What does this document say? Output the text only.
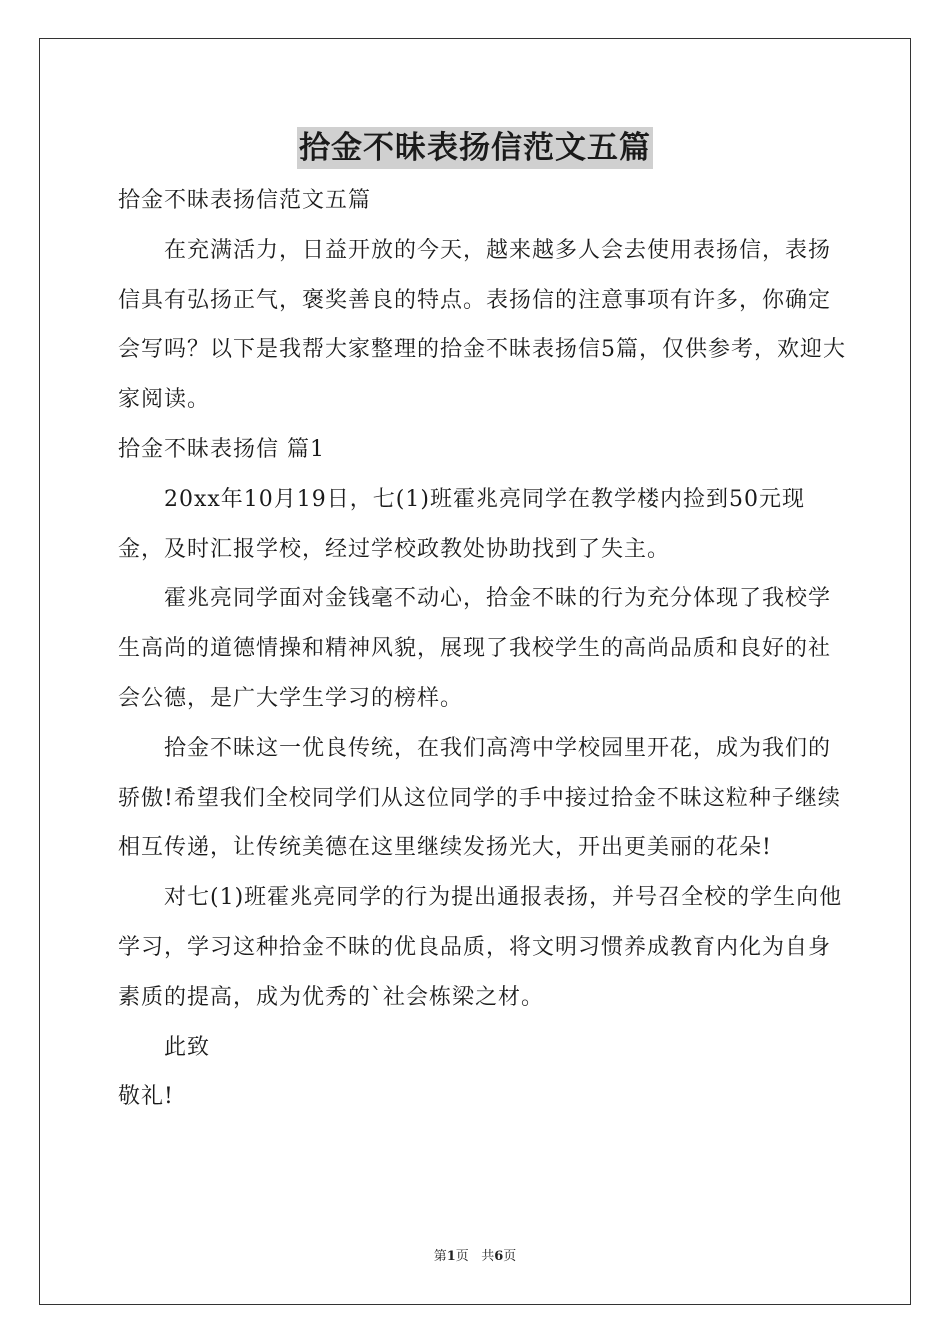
拾金不昧表扬信范文五篇

拾金不昧表扬信范文五篇

在充满活力，日益开放的今天，越来越多人会去使用表扬信，表扬信具有弘扬正气，褒奖善良的特点。表扬信的注意事项有许多，你确定会写吗？以下是我帮大家整理的拾金不昧表扬信5篇，仅供参考，欢迎大家阅读。

拾金不昧表扬信 篇1

20xx年10月19日，七(1)班霍兆亮同学在教学楼内捡到50元现金，及时汇报学校，经过学校政教处协助找到了失主。

霍兆亮同学面对金钱毫不动心，拾金不昧的行为充分体现了我校学生高尚的道德情操和精神风貌，展现了我校学生的高尚品质和良好的社会公德，是广大学生学习的榜样。

拾金不昧这一优良传统，在我们高湾中学校园里开花，成为我们的骄傲!希望我们全校同学们从这位同学的手中接过拾金不昧这粒种子继续相互传递，让传统美德在这里继续发扬光大，开出更美丽的花朵!

对七(1)班霍兆亮同学的行为提出通报表扬，并号召全校的学生向他学习，学习这种拾金不昧的优良品质，将文明习惯养成教育内化为自身素质的提高，成为优秀的`社会栋梁之材。

此致

敬礼!

第1页 共6页
